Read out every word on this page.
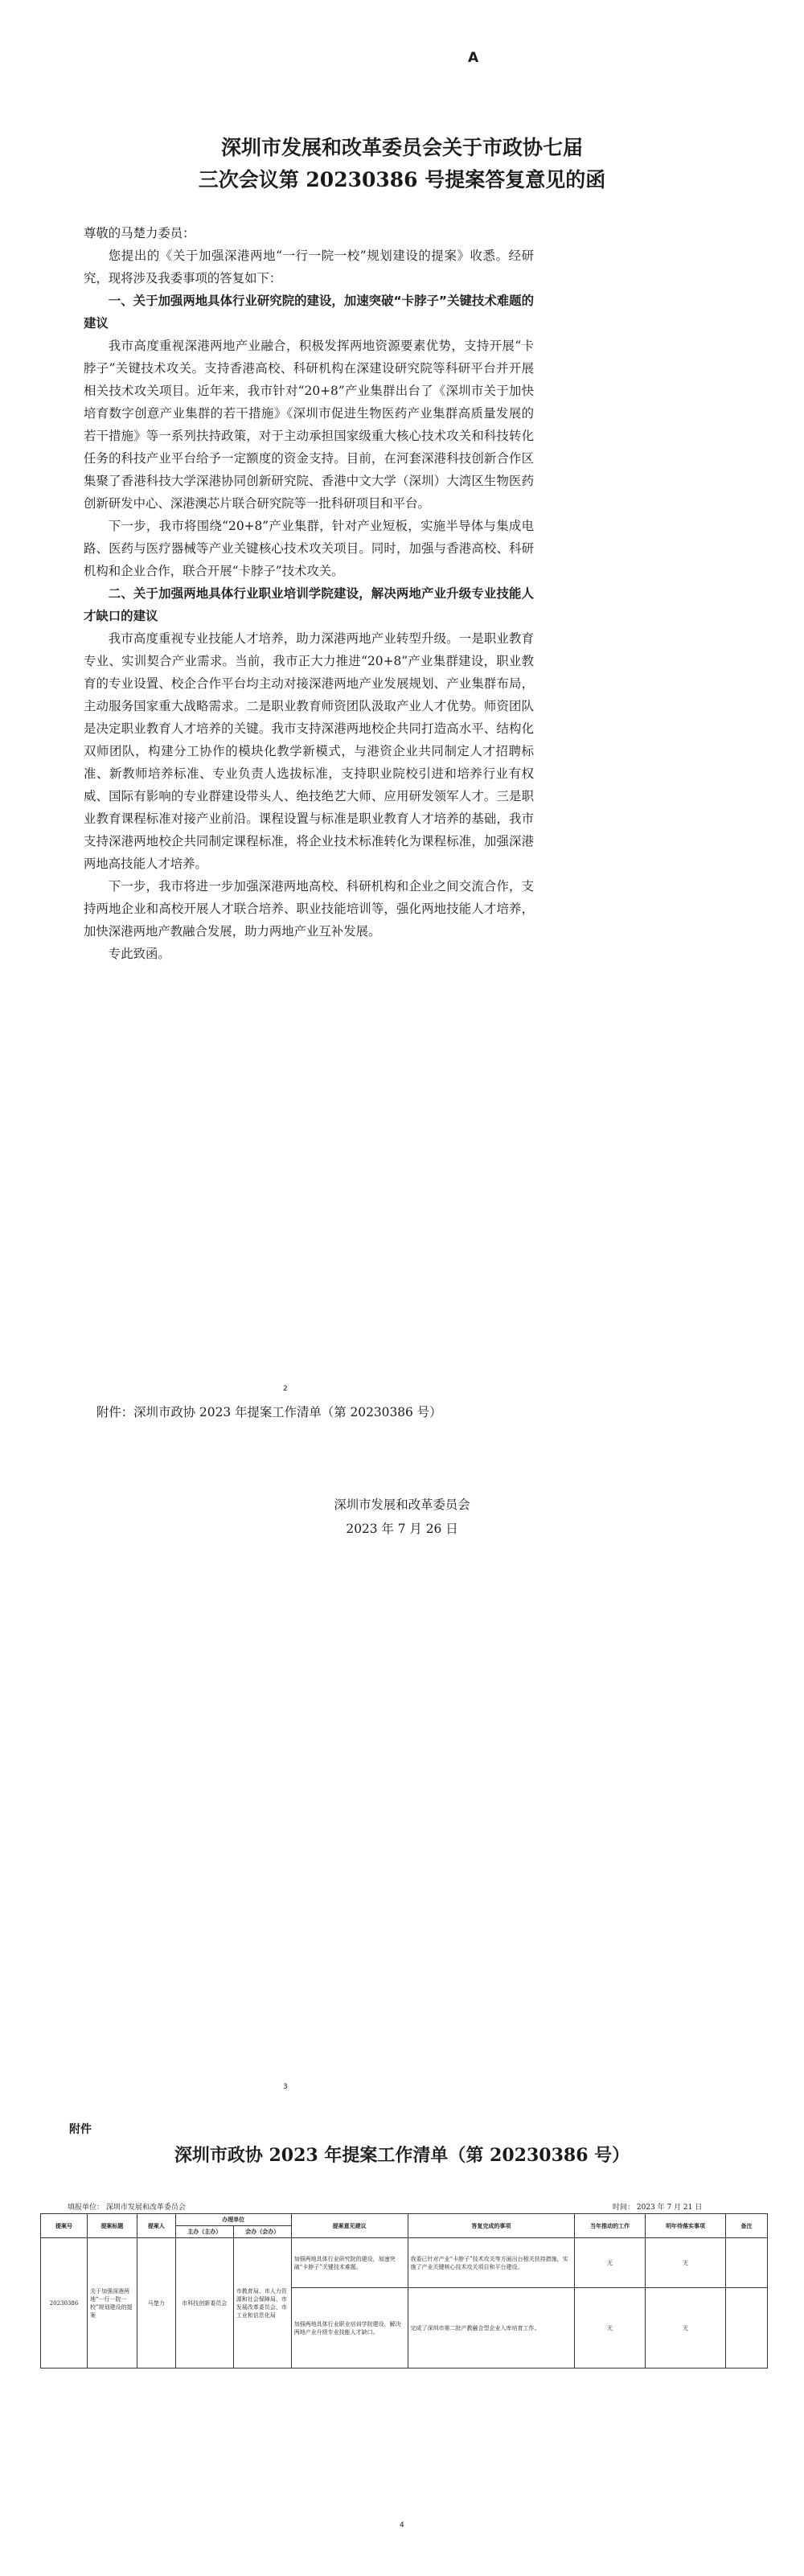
A
深圳市发展和改革委员会关于市政协七届
三次会议第 20230386 号提案答复意见的函

尊敬的马楚力委员：

您提出的《关于加强深港两地“一行一院一校”规划建设的提案》收悉。经研究，现将涉及我委事项的答复如下：

一、关于加强两地具体行业研究院的建设，加速突破“卡脖子”关键技术难题的建议

我市高度重视深港两地产业融合，积极发挥两地资源要素优势，支持开展“卡脖子”关键技术攻关。支持香港高校、科研机构在深建设研究院等科研平台并开展相关技术攻关项目。近年来，我市针对“20+8”产业集群出台了《深圳市关于加快培育数字创意产业集群的若干措施》《深圳市促进生物医药产业集群高质量发展的若干措施》等一系列扶持政策，对于主动承担国家级重大核心技术攻关和科技转化任务的科技产业平台给予一定额度的资金支持。目前，在河套深港科技创新合作区集聚了香港科技大学深港协同创新研究院、香港中文大学（深圳）大湾区生物医药创新研发中心、深港澳芯片联合研究院等一批科研项目和平台。

下一步，我市将围绕“20+8”产业集群，针对产业短板，实施半导体与集成电路、医药与医疗器械等产业关键核心技术攻关项目。同时，加强与香港高校、科研机构和企业合作，联合开展“卡脖子”技术攻关。

二、关于加强两地具体行业职业培训学院建设，解决两地产业升级专业技能人才缺口的建议

我市高度重视专业技能人才培养，助力深港两地产业转型升级。一是职业教育专业、实训契合产业需求。当前，我市正大力推进“20+8”产业集群建设，职业教育的专业设置、校企合作平台均主动对接深港两地产业发展规划、产业集群布局，主动服务国家重大战略需求。二是职业教育师资团队汲取产业人才优势。师资团队是决定职业教育人才培养的关键。我市支持深港两地校企共同打造高水平、结构化双师团队，构建分工协作的模块化教学新模式，与港资企业共同制定人才招聘标准、新教师培养标准、专业负责人选拔标准，支持职业院校引进和培养行业有权威、国际有影响的专业群建设带头人、绝技绝艺大师、应用研发领军人才。三是职业教育课程标准对接产业前沿。课程设置与标准是职业教育人才培养的基础，我市支持深港两地校企共同制定课程标准，将企业技术标准转化为课程标准，加强深港两地高技能人才培养。

下一步，我市将进一步加强深港两地高校、科研机构和企业之间交流合作，支持两地企业和高校开展人才联合培养、职业技能培训等，强化两地技能人才培养，加快深港两地产教融合发展，助力两地产业互补发展。

专此致函。

2
附件：深圳市政协 2023 年提案工作清单（第 20230386 号）
深圳市发展和改革委员会
2023 年 7 月 26 日
3
附件
深圳市政协 2023 年提案工作清单（第 20230386 号）
填报单位： 深圳市发展和改革委员会	时间： 2023 年 7 月 21 日
提案号	提案标题	提案人	办理单位		提案意见建议	答复完成的事项	当年推动的工作	明年待落实事项	备注
			主办（主办）	会办（会办）					
20230386	关于加强深港两地“一行一院一校”规划建设的提案	马楚力	市科技创新委员会	市教育局、市人力资源和社会保障局、市发展改革委员会、市工业和信息化局	加强两地具体行业研究院的建设，加速突破“卡脖子”关键技术难题。	我委已针对产业“卡脖子”技术攻关等方面出台相关扶持措施，实施了产业关键核心技术攻关项目和平台建设。	无	无	
					加强两地具体行业职业培训学院建设，解决两地产业升级专业技能人才缺口。	完成了深圳市第二批产教融合型企业入库培育工作。	无	无	
4
